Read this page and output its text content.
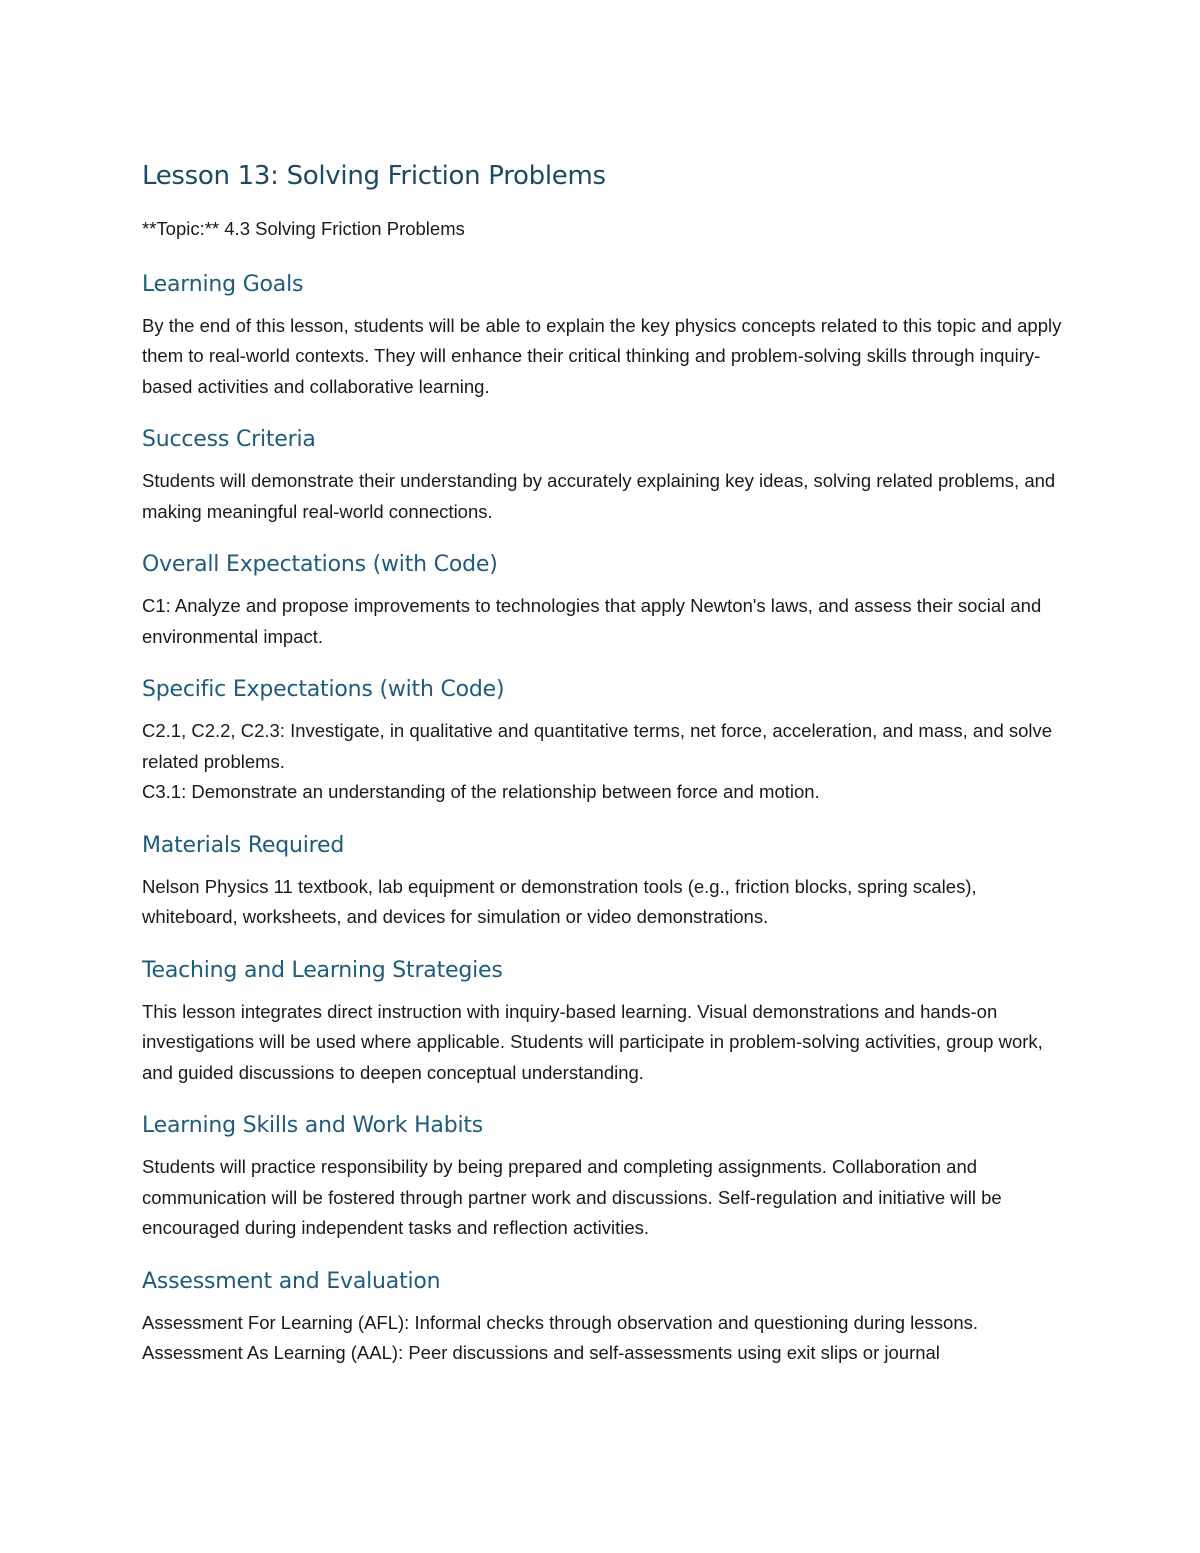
Lesson 13: Solving Friction Problems

**Topic:** 4.3 Solving Friction Problems

Learning Goals

By the end of this lesson, students will be able to explain the key physics concepts related to this topic and apply them to real-world contexts. They will enhance their critical thinking and problem-solving skills through inquiry-based activities and collaborative learning.

Success Criteria

Students will demonstrate their understanding by accurately explaining key ideas, solving related problems, and making meaningful real-world connections.

Overall Expectations (with Code)

C1: Analyze and propose improvements to technologies that apply Newton's laws, and assess their social and environmental impact.

Specific Expectations (with Code)

C2.1, C2.2, C2.3: Investigate, in qualitative and quantitative terms, net force, acceleration, and mass, and solve related problems.
C3.1: Demonstrate an understanding of the relationship between force and motion.

Materials Required

Nelson Physics 11 textbook, lab equipment or demonstration tools (e.g., friction blocks, spring scales), whiteboard, worksheets, and devices for simulation or video demonstrations.

Teaching and Learning Strategies

This lesson integrates direct instruction with inquiry-based learning. Visual demonstrations and hands-on investigations will be used where applicable. Students will participate in problem-solving activities, group work, and guided discussions to deepen conceptual understanding.

Learning Skills and Work Habits

Students will practice responsibility by being prepared and completing assignments. Collaboration and communication will be fostered through partner work and discussions. Self-regulation and initiative will be encouraged during independent tasks and reflection activities.

Assessment and Evaluation

Assessment For Learning (AFL): Informal checks through observation and questioning during lessons.
Assessment As Learning (AAL): Peer discussions and self-assessments using exit slips or journal
